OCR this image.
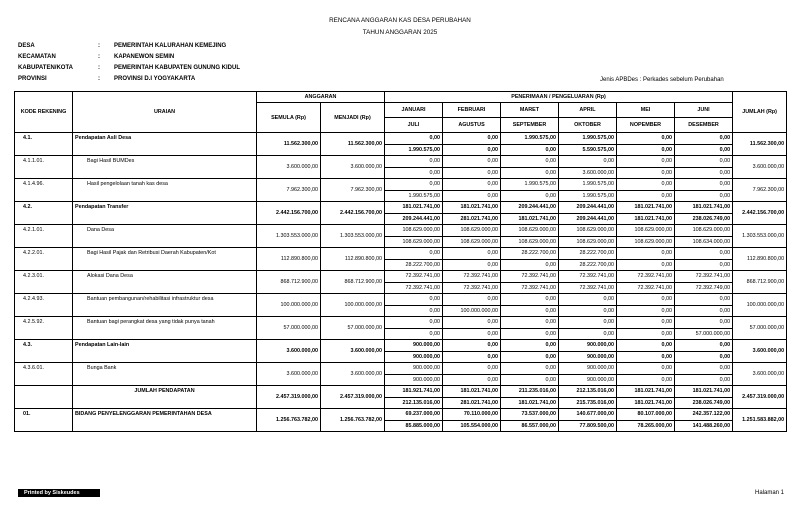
RENCANA ANGGARAN KAS DESA PERUBAHAN
TAHUN ANGGARAN 2025
DESA	: PEMERINTAH KALURAHAN KEMEJING
KECAMATAN	: KAPANEWON SEMIN
KABUPATEN/KOTA	: PEMERINTAH KABUPATEN GUNUNG KIDUL
PROVINSI	: PROVINSI D.I YOGYAKARTA	Jenis APBDes : Perkades sebelum Perubahan
KODE REKENING	URAIAN	ANGGARAN		PENERIMAAN / PENGELUARAN (Rp)						JUMLAH (Rp)
		SEMULA (Rp)	MENJADI (Rp)	JANUARI	FEBRUARI	MARET	APRIL	MEI	JUNI	
				JULI	AGUSTUS	SEPTEMBER	OKTOBER	NOPEMBER	DESEMBER	
4.1.	Pendapatan Asli Desa	11.562.300,00	11.562.300,00	0,00	0,00	1.990.575,00	1.990.575,00	0,00	0,00	11.562.300,00
				1.990.575,00	0,00	0,00	5.590.575,00	0,00	0,00	
4.1.1.01.	Bagi Hasil BUMDes	3.600.000,00	3.600.000,00	0,00	0,00	0,00	0,00	0,00	0,00	3.600.000,00
				0,00	0,00	0,00	3.600.000,00	0,00	0,00	
4.1.4.96.	Hasil pengelolaan tanah kas desa	7.962.300,00	7.962.300,00	0,00	0,00	1.990.575,00	1.990.575,00	0,00	0,00	7.962.300,00
				1.990.575,00	0,00	0,00	1.990.575,00	0,00	0,00	
4.2.	Pendapatan Transfer	2.442.156.700,00	2.442.156.700,00	181.021.741,00	181.021.741,00	209.244.441,00	209.244.441,00	181.021.741,00	181.021.741,00	2.442.156.700,00
				209.244.441,00	281.021.741,00	181.021.741,00	209.244.441,00	181.021.741,00	238.026.749,00	
4.2.1.01.	Dana Desa	1.303.553.000,00	1.303.553.000,00	108.629.000,00	108.629.000,00	108.629.000,00	108.629.000,00	108.629.000,00	108.629.000,00	1.303.553.000,00
				108.629.000,00	108.629.000,00	108.629.000,00	108.629.000,00	108.629.000,00	108.634.000,00	
4.2.2.01.	Bagi Hasil Pajak dan Retribusi Daerah Kabupaten/Kot	112.890.800,00	112.890.800,00	0,00	0,00	28.222.700,00	28.222.700,00	0,00	0,00	112.890.800,00
				28.222.700,00	0,00	0,00	28.222.700,00	0,00	0,00	
4.2.3.01.	Alokasi Dana Desa	868.712.900,00	868.712.900,00	72.392.741,00	72.392.741,00	72.392.741,00	72.392.741,00	72.392.741,00	72.392.741,00	868.712.900,00
				72.392.741,00	72.392.741,00	72.392.741,00	72.392.741,00	72.392.741,00	72.392.749,00	
4.2.4.93.	Bantuan pembangunan/rehabilitasi infrastruktur desa	100.000.000,00	100.000.000,00	0,00	0,00	0,00	0,00	0,00	0,00	100.000.000,00
				0,00	100.000.000,00	0,00	0,00	0,00	0,00	
4.2.5.92.	Bantuan bagi perangkat desa yang tidak punya tanah	57.000.000,00	57.000.000,00	0,00	0,00	0,00	0,00	0,00	0,00	57.000.000,00
				0,00	0,00	0,00	0,00	0,00	57.000.000,00	
4.3.	Pendapatan Lain-lain	3.600.000,00	3.600.000,00	900.000,00	0,00	0,00	900.000,00	0,00	0,00	3.600.000,00
				900.000,00	0,00	0,00	900.000,00	0,00	0,00	
4.3.6.01.	Bunga Bank	3.600.000,00	3.600.000,00	900.000,00	0,00	0,00	900.000,00	0,00	0,00	3.600.000,00
				900.000,00	0,00	0,00	900.000,00	0,00	0,00	
	JUMLAH PENDAPATAN	2.457.319.000,00	2.457.319.000,00	181.921.741,00	181.021.741,00	211.235.016,00	212.135.016,00	181.021.741,00	181.021.741,00	2.457.319.000,00
				212.135.016,00	281.021.741,00	181.021.741,00	215.735.016,00	181.021.741,00	238.026.749,00	
01.	BIDANG PENYELENGGARAN PEMERINTAHAN DESA	1.256.763.782,00	1.256.763.782,00	69.237.000,00	70.110.000,00	73.537.000,00	140.677.000,00	80.107.000,00	242.357.122,00	1.251.583.882,00
				85.885.000,00	105.554.000,00	86.557.000,00	77.809.500,00	78.265.000,00	141.488.260,00	
Printed by Siskeudes	Halaman 1
